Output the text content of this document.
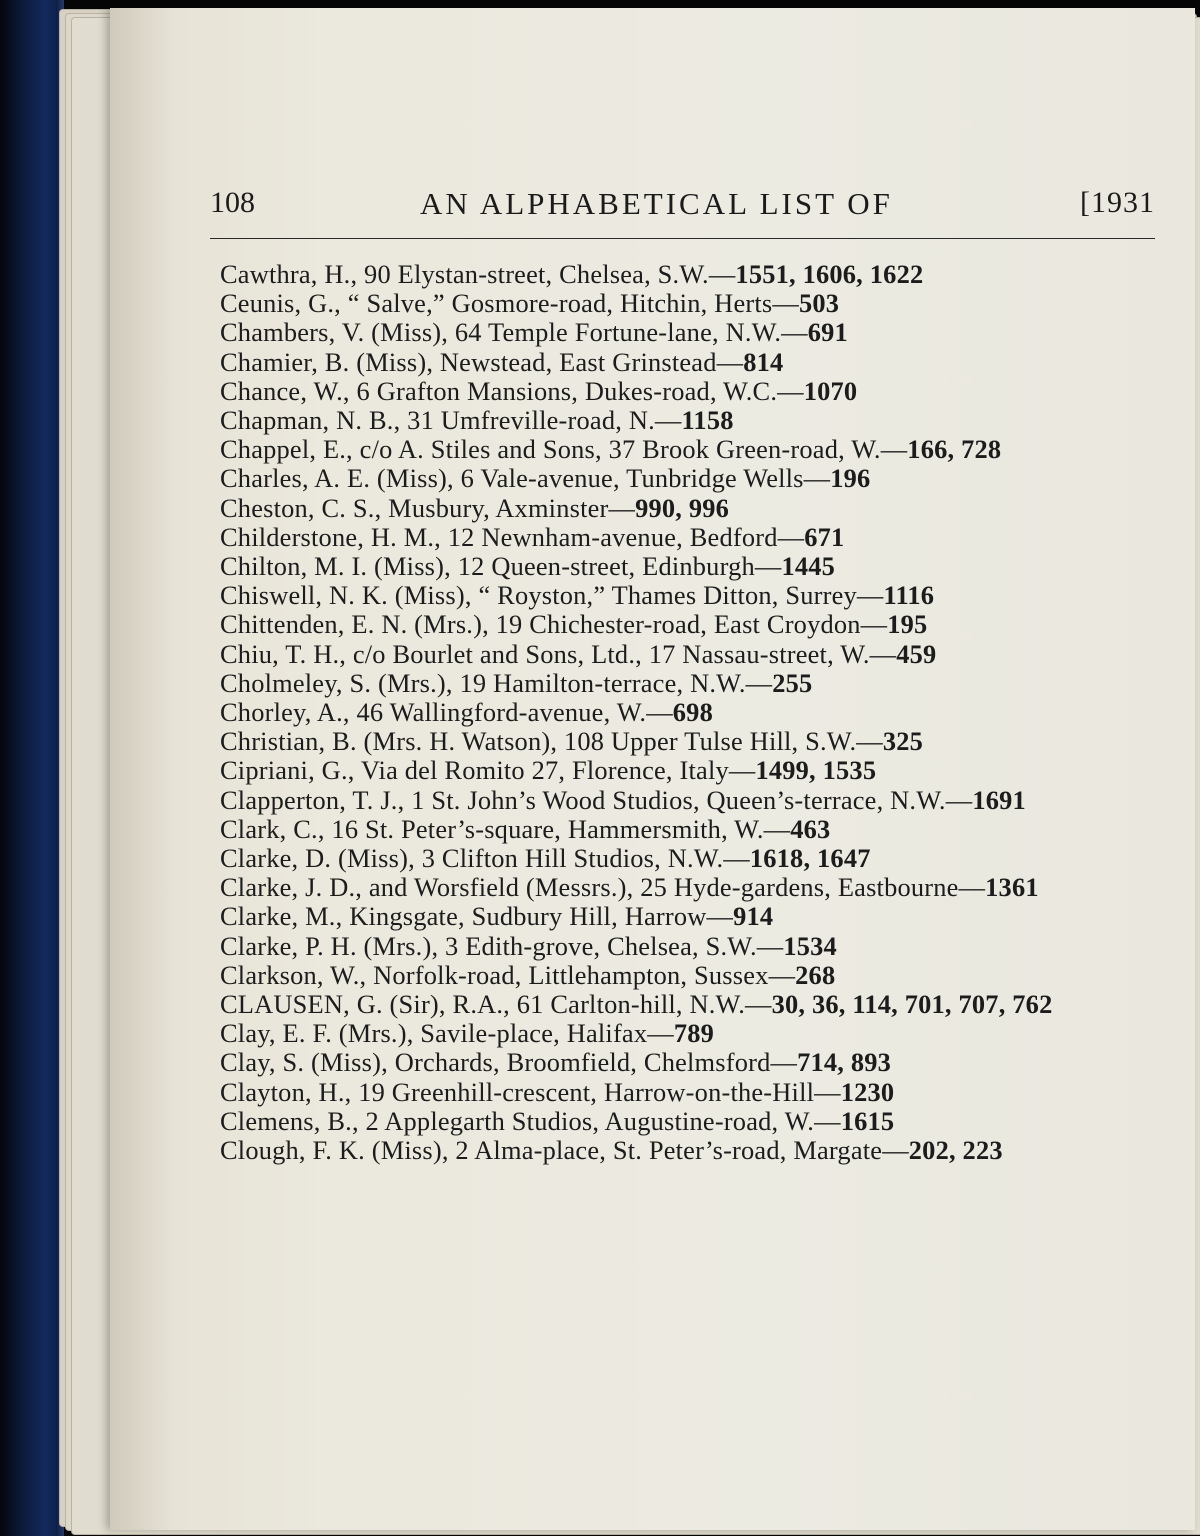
108	AN ALPHABETICAL LIST OF	[1931

Cawthra, H., 90 Elystan-street, Chelsea, S.W.—1551, 1606, 1622

Ceunis, G., “ Salve,” Gosmore-road, Hitchin, Herts—503

Chambers, V. (Miss), 64 Temple Fortune-lane, N.W.—691

Chamier, B. (Miss), Newstead, East Grinstead—814

Chance, W., 6 Grafton Mansions, Dukes-road, W.C.—1070

Chapman, N. B., 31 Umfreville-road, N.—1158

Chappel, E., c/o A. Stiles and Sons, 37 Brook Green-road, W.—166, 728

Charles, A. E. (Miss), 6 Vale-avenue, Tunbridge Wells—196

Cheston, C. S., Musbury, Axminster—990, 996

Childerstone, H. M., 12 Newnham-avenue, Bedford—671

Chilton, M. I. (Miss), 12 Queen-street, Edinburgh—1445

Chiswell, N. K. (Miss), “ Royston,” Thames Ditton, Surrey—1116

Chittenden, E. N. (Mrs.), 19 Chichester-road, East Croydon—195

Chiu, T. H., c/o Bourlet and Sons, Ltd., 17 Nassau-street, W.—459

Cholmeley, S. (Mrs.), 19 Hamilton-terrace, N.W.—255

Chorley, A., 46 Wallingford-avenue, W.—698

Christian, B. (Mrs. H. Watson), 108 Upper Tulse Hill, S.W.—325

Cipriani, G., Via del Romito 27, Florence, Italy—1499, 1535

Clapperton, T. J., 1 St. John’s Wood Studios, Queen’s-terrace, N.W.—1691

Clark, C., 16 St. Peter’s-square, Hammersmith, W.—463

Clarke, D. (Miss), 3 Clifton Hill Studios, N.W.—1618, 1647

Clarke, J. D., and Worsfield (Messrs.), 25 Hyde-gardens, Eastbourne—1361

Clarke, M., Kingsgate, Sudbury Hill, Harrow—914

Clarke, P. H. (Mrs.), 3 Edith-grove, Chelsea, S.W.—1534

Clarkson, W., Norfolk-road, Littlehampton, Sussex—268

CLAUSEN, G. (Sir), R.A., 61 Carlton-hill, N.W.—30, 36, 114, 701, 707, 762

Clay, E. F. (Mrs.), Savile-place, Halifax—789

Clay, S. (Miss), Orchards, Broomfield, Chelmsford—714, 893

Clayton, H., 19 Greenhill-crescent, Harrow-on-the-Hill—1230

Clemens, B., 2 Applegarth Studios, Augustine-road, W.—1615

Clough, F. K. (Miss), 2 Alma-place, St. Peter’s-road, Margate—202, 223
